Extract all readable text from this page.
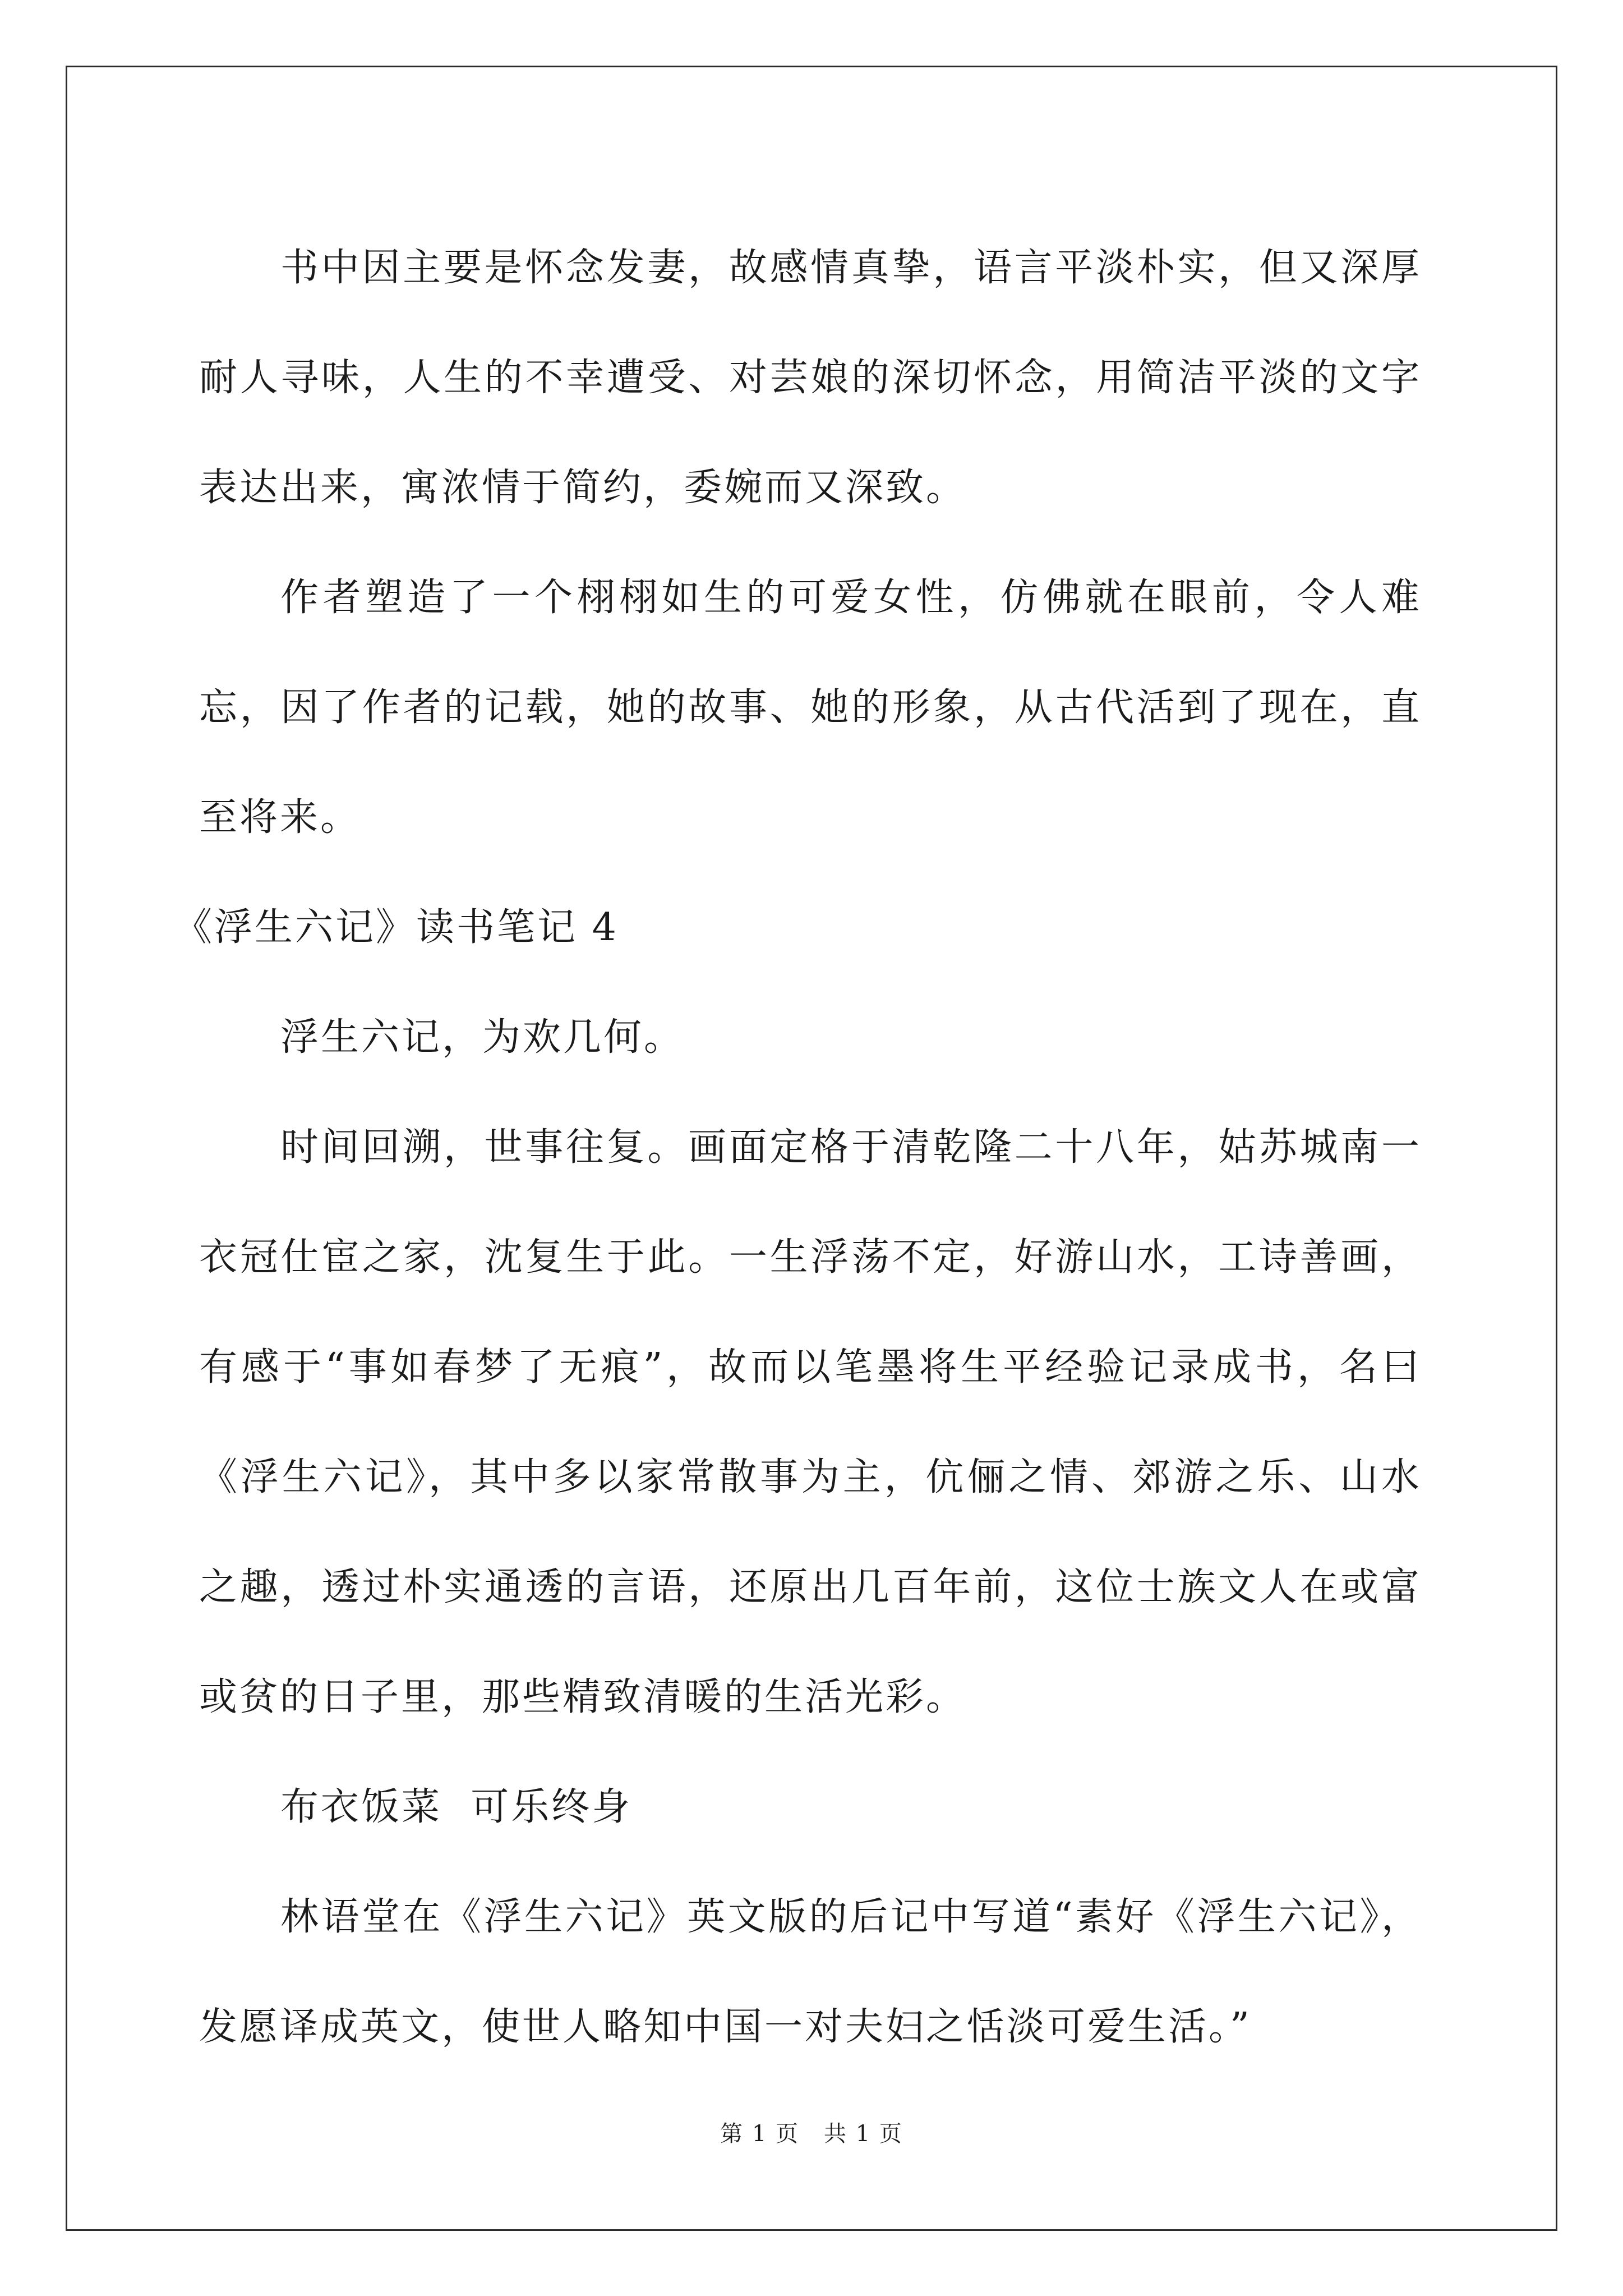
书中因主要是怀念发妻，故感情真挚，语言平淡朴实，但又深厚耐人寻味，人生的不幸遭受、对芸娘的深切怀念，用简洁平淡的文字表达出来，寓浓情于简约，委婉而又深致。

作者塑造了一个栩栩如生的可爱女性，仿佛就在眼前，令人难忘，因了作者的记载，她的故事、她的形象，从古代活到了现在，直至将来。

《浮生六记》读书笔记 4

浮生六记，为欢几何。

时间回溯，世事往复。画面定格于清乾隆二十八年，姑苏城南一衣冠仕宦之家，沈复生于此。一生浮荡不定，好游山水，工诗善画，有感于“事如春梦了无痕”，故而以笔墨将生平经验记录成书，名曰《浮生六记》，其中多以家常散事为主，伉俪之情、郊游之乐、山水之趣，透过朴实通透的言语，还原出几百年前，这位士族文人在或富或贫的日子里，那些精致清暖的生活光彩。

布衣饭菜  可乐终身

林语堂在《浮生六记》英文版的后记中写道“素好《浮生六记》，发愿译成英文，使世人略知中国一对夫妇之恬淡可爱生活。”

第 1 页 共 1 页
